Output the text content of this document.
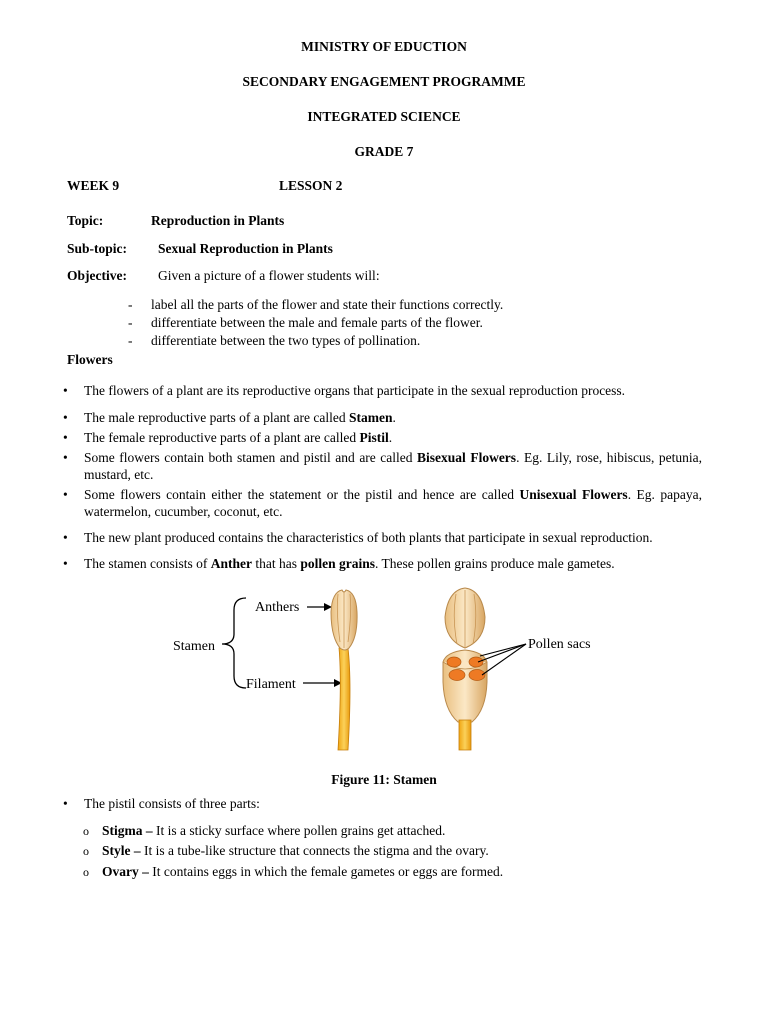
MINISTRY OF EDUCTION
SECONDARY ENGAGEMENT PROGRAMME
INTEGRATED SCIENCE
GRADE 7
WEEK 9	LESSON 2
Topic:	Reproduction in Plants
Sub-topic: Sexual Reproduction in Plants
Objective: Given a picture of a flower students will:
- label all the parts of the flower and state their functions correctly.
- differentiate between the male and female parts of the flower.
- differentiate between the two types of pollination.
Flowers
• The flowers of a plant are its reproductive organs that participate in the sexual reproduction process.
• The male reproductive parts of a plant are called Stamen.
• The female reproductive parts of a plant are called Pistil.
• Some flowers contain both stamen and pistil and are called Bisexual Flowers. Eg. Lily, rose, hibiscus, petunia, mustard, etc.
• Some flowers contain either the statement or the pistil and hence are called Unisexual Flowers. Eg. papaya, watermelon, cucumber, coconut, etc.
• The new plant produced contains the characteristics of both plants that participate in sexual reproduction.
• The stamen consists of Anther that has pollen grains. These pollen grains produce male gametes.
Stamen
Anthers
Filament
Pollen sacs
Figure 11: Stamen
• The pistil consists of three parts:
o Stigma – It is a sticky surface where pollen grains get attached.
o Style – It is a tube-like structure that connects the stigma and the ovary.
o Ovary – It contains eggs in which the female gametes or eggs are formed.
